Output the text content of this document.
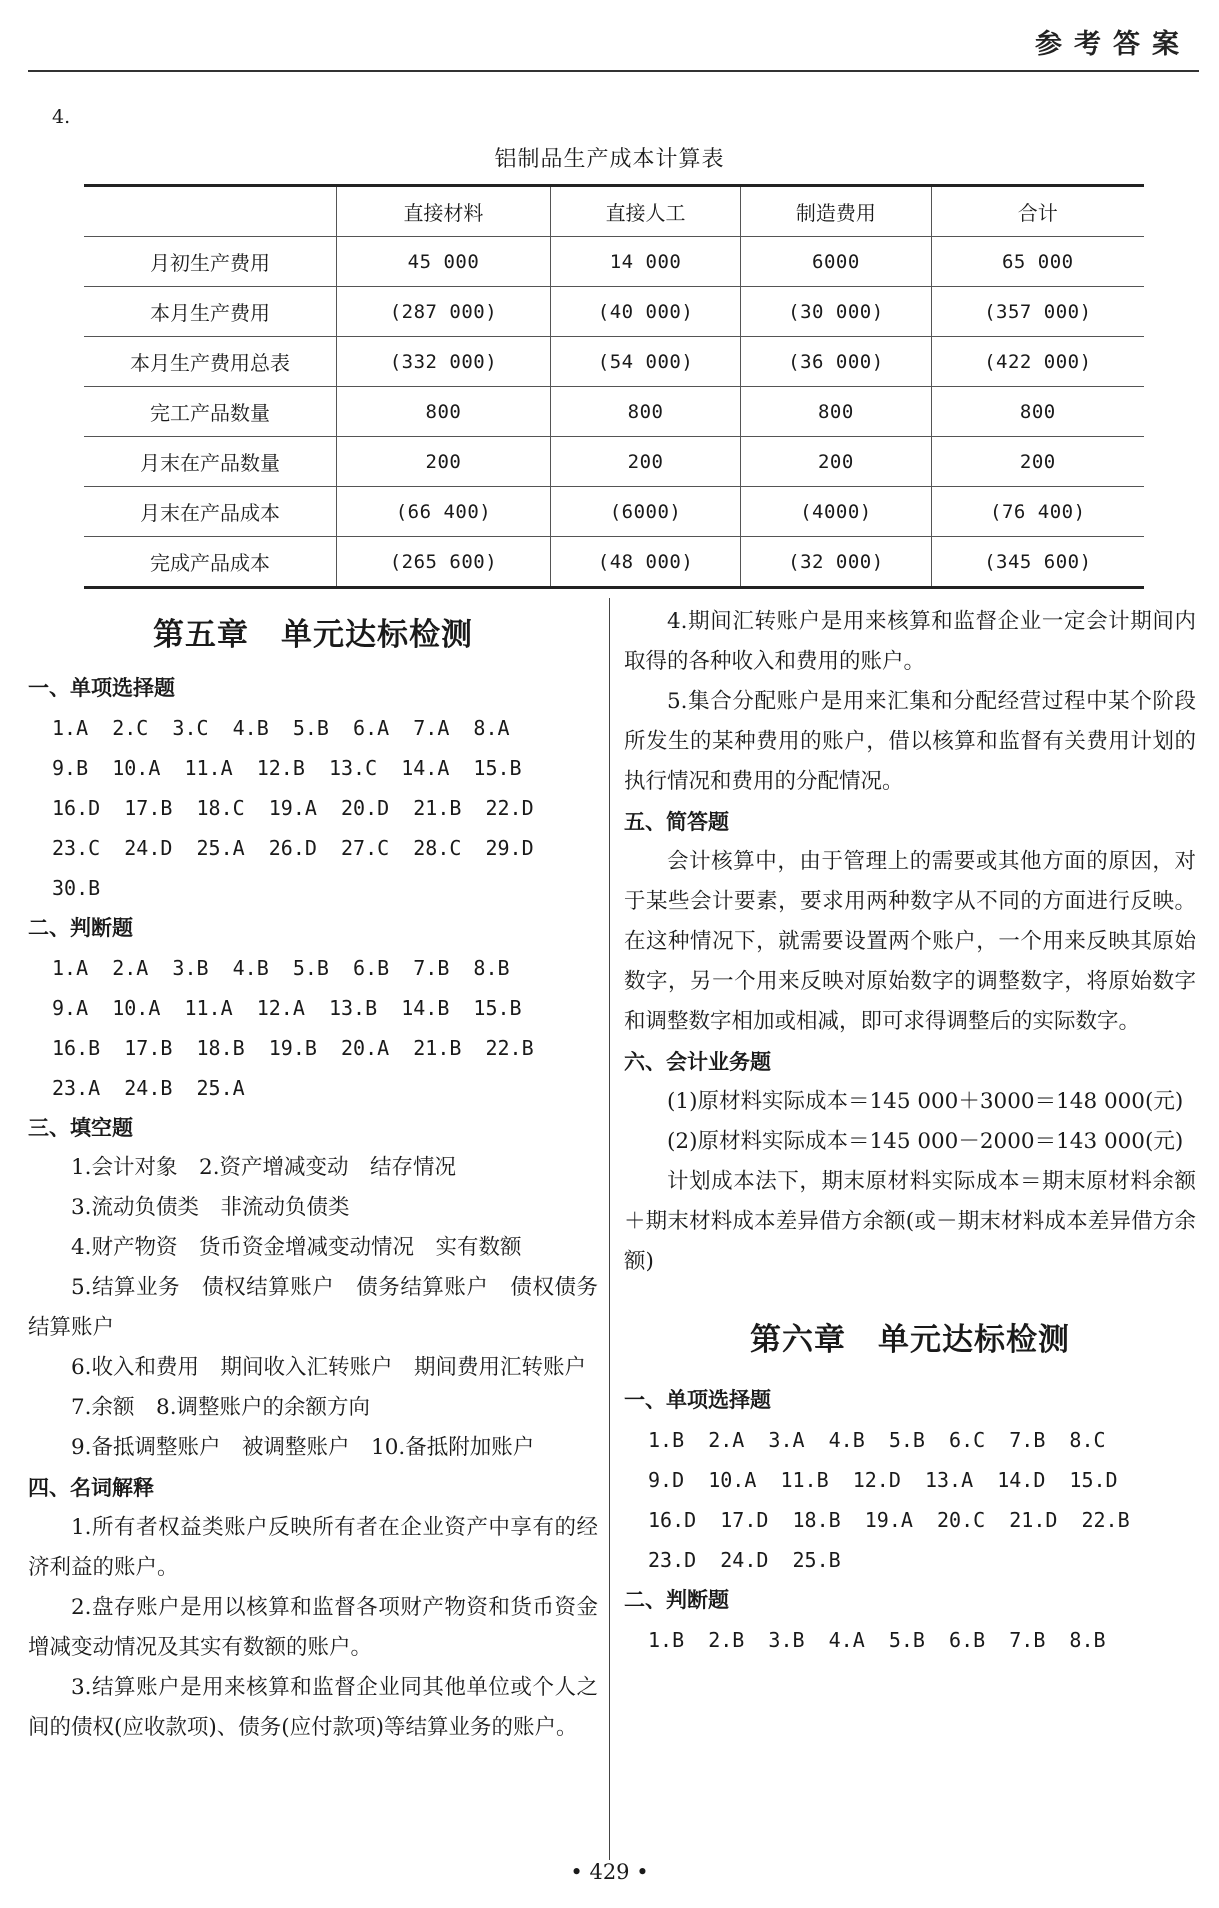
参考答案
4.
铝制品生产成本计算表
	直接材料	直接人工	制造费用	合计
月初生产费用	45 000	14 000	6000	65 000
本月生产费用	(287 000)	(40 000)	(30 000)	(357 000)
本月生产费用总表	(332 000)	(54 000)	(36 000)	(422 000)
完工产品数量	800	800	800	800
月末在产品数量	200	200	200	200
月末在产品成本	(66 400)	(6000)	(4000)	(76 400)
完成产品成本	(265 600)	(48 000)	(32 000)	(345 600)

第五章　单元达标检测

一、单项选择题

1.A  2.C  3.C  4.B  5.B  6.A  7.A  8.A

9.B  10.A  11.A  12.B  13.C  14.A  15.B

16.D  17.B  18.C  19.A  20.D  21.B  22.D

23.C  24.D  25.A  26.D  27.C  28.C  29.D

30.B

二、判断题

1.A  2.A  3.B  4.B  5.B  6.B  7.B  8.B

9.A  10.A  11.A  12.A  13.B  14.B  15.B

16.B  17.B  18.B  19.B  20.A  21.B  22.B

23.A  24.B  25.A

三、填空题

1.会计对象　2.资产增减变动　结存情况

3.流动负债类　非流动负债类

4.财产物资　货币资金增减变动情况　实有数额

5.结算业务　债权结算账户　债务结算账户　债权债务结算账户

6.收入和费用　期间收入汇转账户　期间费用汇转账户

7.余额　8.调整账户的余额方向

9.备抵调整账户　被调整账户　10.备抵附加账户

四、名词解释

1.所有者权益类账户反映所有者在企业资产中享有的经济利益的账户。

2.盘存账户是用以核算和监督各项财产物资和货币资金增减变动情况及其实有数额的账户。

3.结算账户是用来核算和监督企业同其他单位或个人之间的债权(应收款项)、债务(应付款项)等结算业务的账户。

4.期间汇转账户是用来核算和监督企业一定会计期间内取得的各种收入和费用的账户。

5.集合分配账户是用来汇集和分配经营过程中某个阶段所发生的某种费用的账户，借以核算和监督有关费用计划的执行情况和费用的分配情况。

五、简答题

会计核算中，由于管理上的需要或其他方面的原因，对于某些会计要素，要求用两种数字从不同的方面进行反映。在这种情况下，就需要设置两个账户，一个用来反映其原始数字，另一个用来反映对原始数字的调整数字，将原始数字和调整数字相加或相减，即可求得调整后的实际数字。

六、会计业务题

(1)原材料实际成本＝145 000＋3000＝148 000(元)

(2)原材料实际成本＝145 000－2000＝143 000(元)

计划成本法下，期末原材料实际成本＝期末原材料余额＋期末材料成本差异借方余额(或－期末材料成本差异借方余额)

第六章　单元达标检测

一、单项选择题

1.B  2.A  3.A  4.B  5.B  6.C  7.B  8.C

9.D  10.A  11.B  12.D  13.A  14.D  15.D

16.D  17.D  18.B  19.A  20.C  21.D  22.B

23.D  24.D  25.B

二、判断题

1.B  2.B  3.B  4.A  5.B  6.B  7.B  8.B

• 429 •
